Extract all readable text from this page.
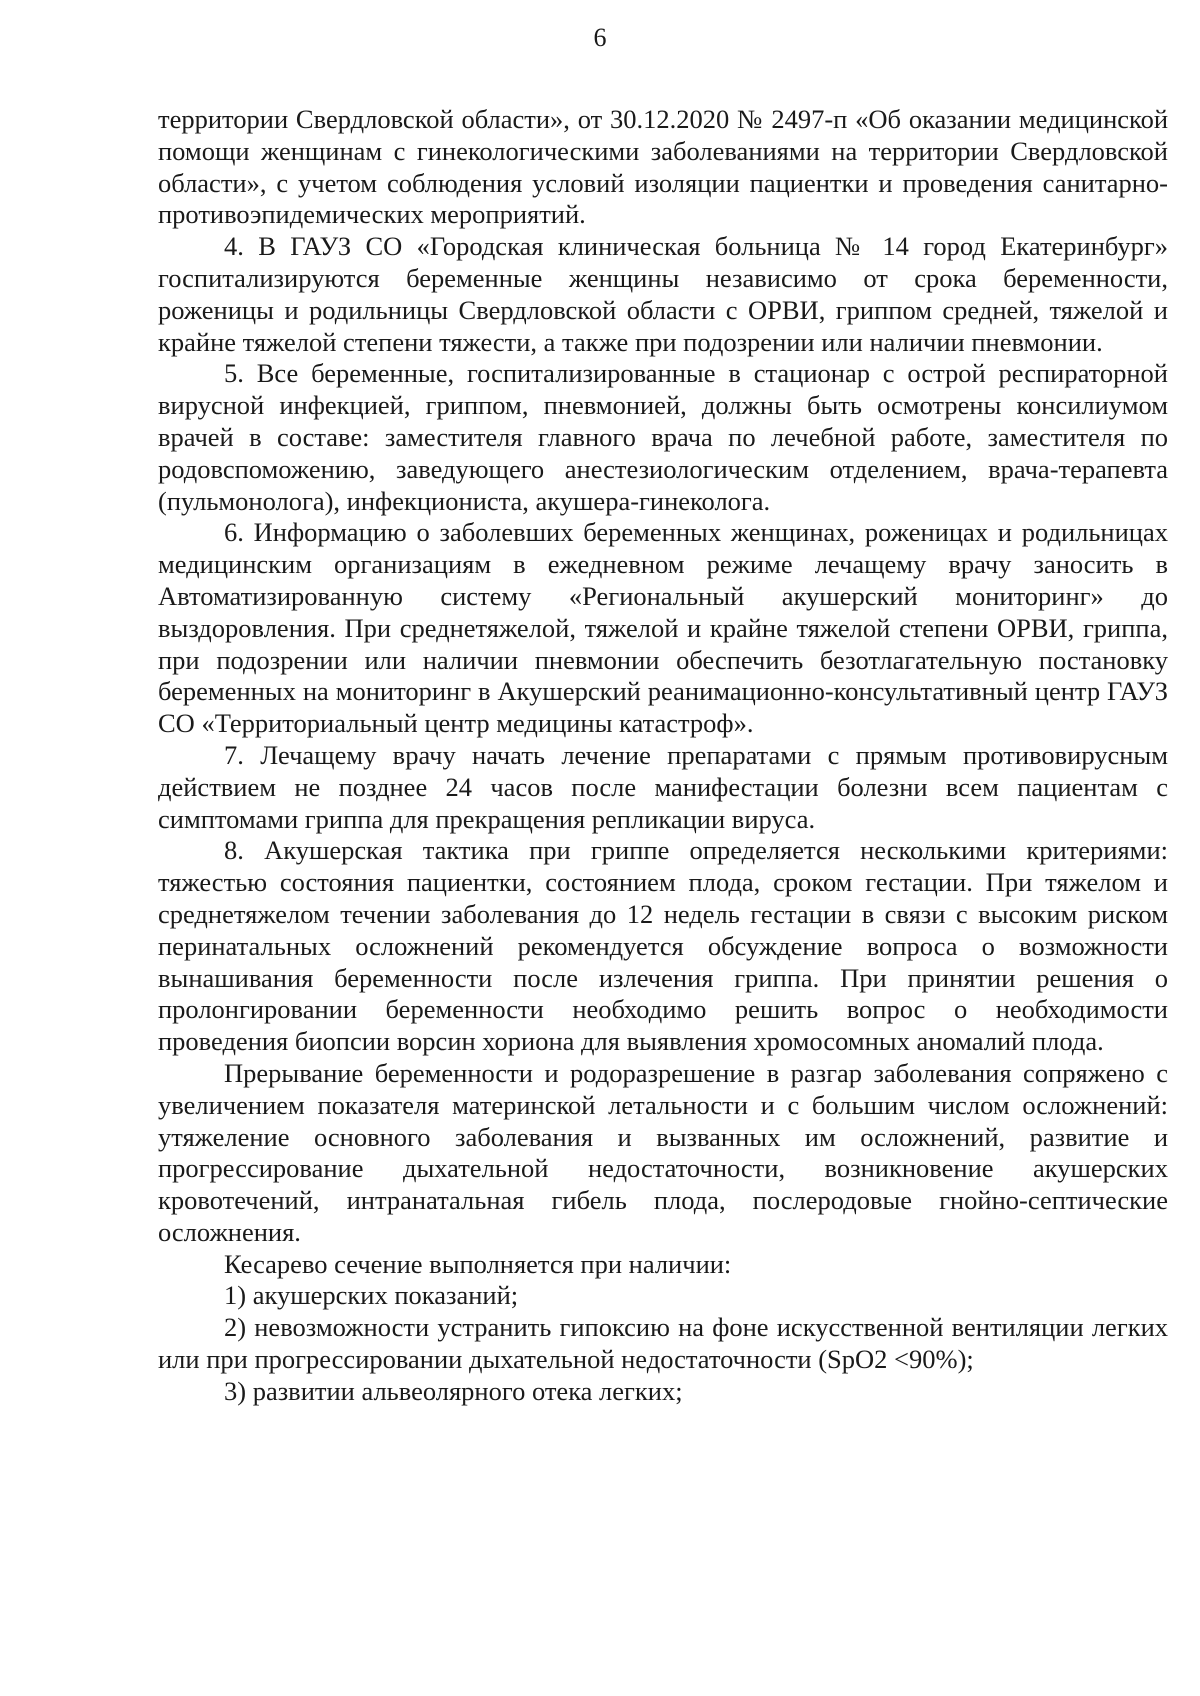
6

территории Свердловской области», от 30.12.2020 № 2497-п «Об оказании медицинской помощи женщинам с гинекологическими заболеваниями на территории Свердловской области», с учетом соблюдения условий изоляции пациентки и проведения санитарно-противоэпидемических мероприятий.

4. В ГАУЗ СО «Городская клиническая больница № 14 город Екатеринбург» госпитализируются беременные женщины независимо от срока беременности, роженицы и родильницы Свердловской области с ОРВИ, гриппом средней, тяжелой и крайне тяжелой степени тяжести, а также при подозрении или наличии пневмонии.

5. Все беременные, госпитализированные в стационар с острой респираторной вирусной инфекцией, гриппом, пневмонией, должны быть осмотрены консилиумом врачей в составе: заместителя главного врача по лечебной работе, заместителя по родовспоможению, заведующего анестезиологическим отделением, врача-терапевта (пульмонолога), инфекциониста, акушера-гинеколога.

6. Информацию о заболевших беременных женщинах, роженицах и родильницах медицинским организациям в ежедневном режиме лечащему врачу заносить в Автоматизированную систему «Региональный акушерский мониторинг» до выздоровления. При среднетяжелой, тяжелой и крайне тяжелой степени ОРВИ, гриппа, при подозрении или наличии пневмонии обеспечить безотлагательную постановку беременных на мониторинг в Акушерский реанимационно-консультативный центр ГАУЗ СО «Территориальный центр медицины катастроф».

7. Лечащему врачу начать лечение препаратами с прямым противовирусным действием не позднее 24 часов после манифестации болезни всем пациентам с симптомами гриппа для прекращения репликации вируса.

8. Акушерская тактика при гриппе определяется несколькими критериями: тяжестью состояния пациентки, состоянием плода, сроком гестации. При тяжелом и среднетяжелом течении заболевания до 12 недель гестации в связи с высоким риском перинатальных осложнений рекомендуется обсуждение вопроса о возможности вынашивания беременности после излечения гриппа. При принятии решения о пролонгировании беременности необходимо решить вопрос о необходимости проведения биопсии ворсин хориона для выявления хромосомных аномалий плода.

Прерывание беременности и родоразрешение в разгар заболевания сопряжено с увеличением показателя материнской летальности и с большим числом осложнений: утяжеление основного заболевания и вызванных им осложнений, развитие и прогрессирование дыхательной недостаточности, возникновение акушерских кровотечений, интранатальная гибель плода, послеродовые гнойно-септические осложнения.

Кесарево сечение выполняется при наличии:

1) акушерских показаний;

2) невозможности устранить гипоксию на фоне искусственной вентиляции легких или при прогрессировании дыхательной недостаточности (SpO2 <90%);

3) развитии альвеолярного отека легких;
